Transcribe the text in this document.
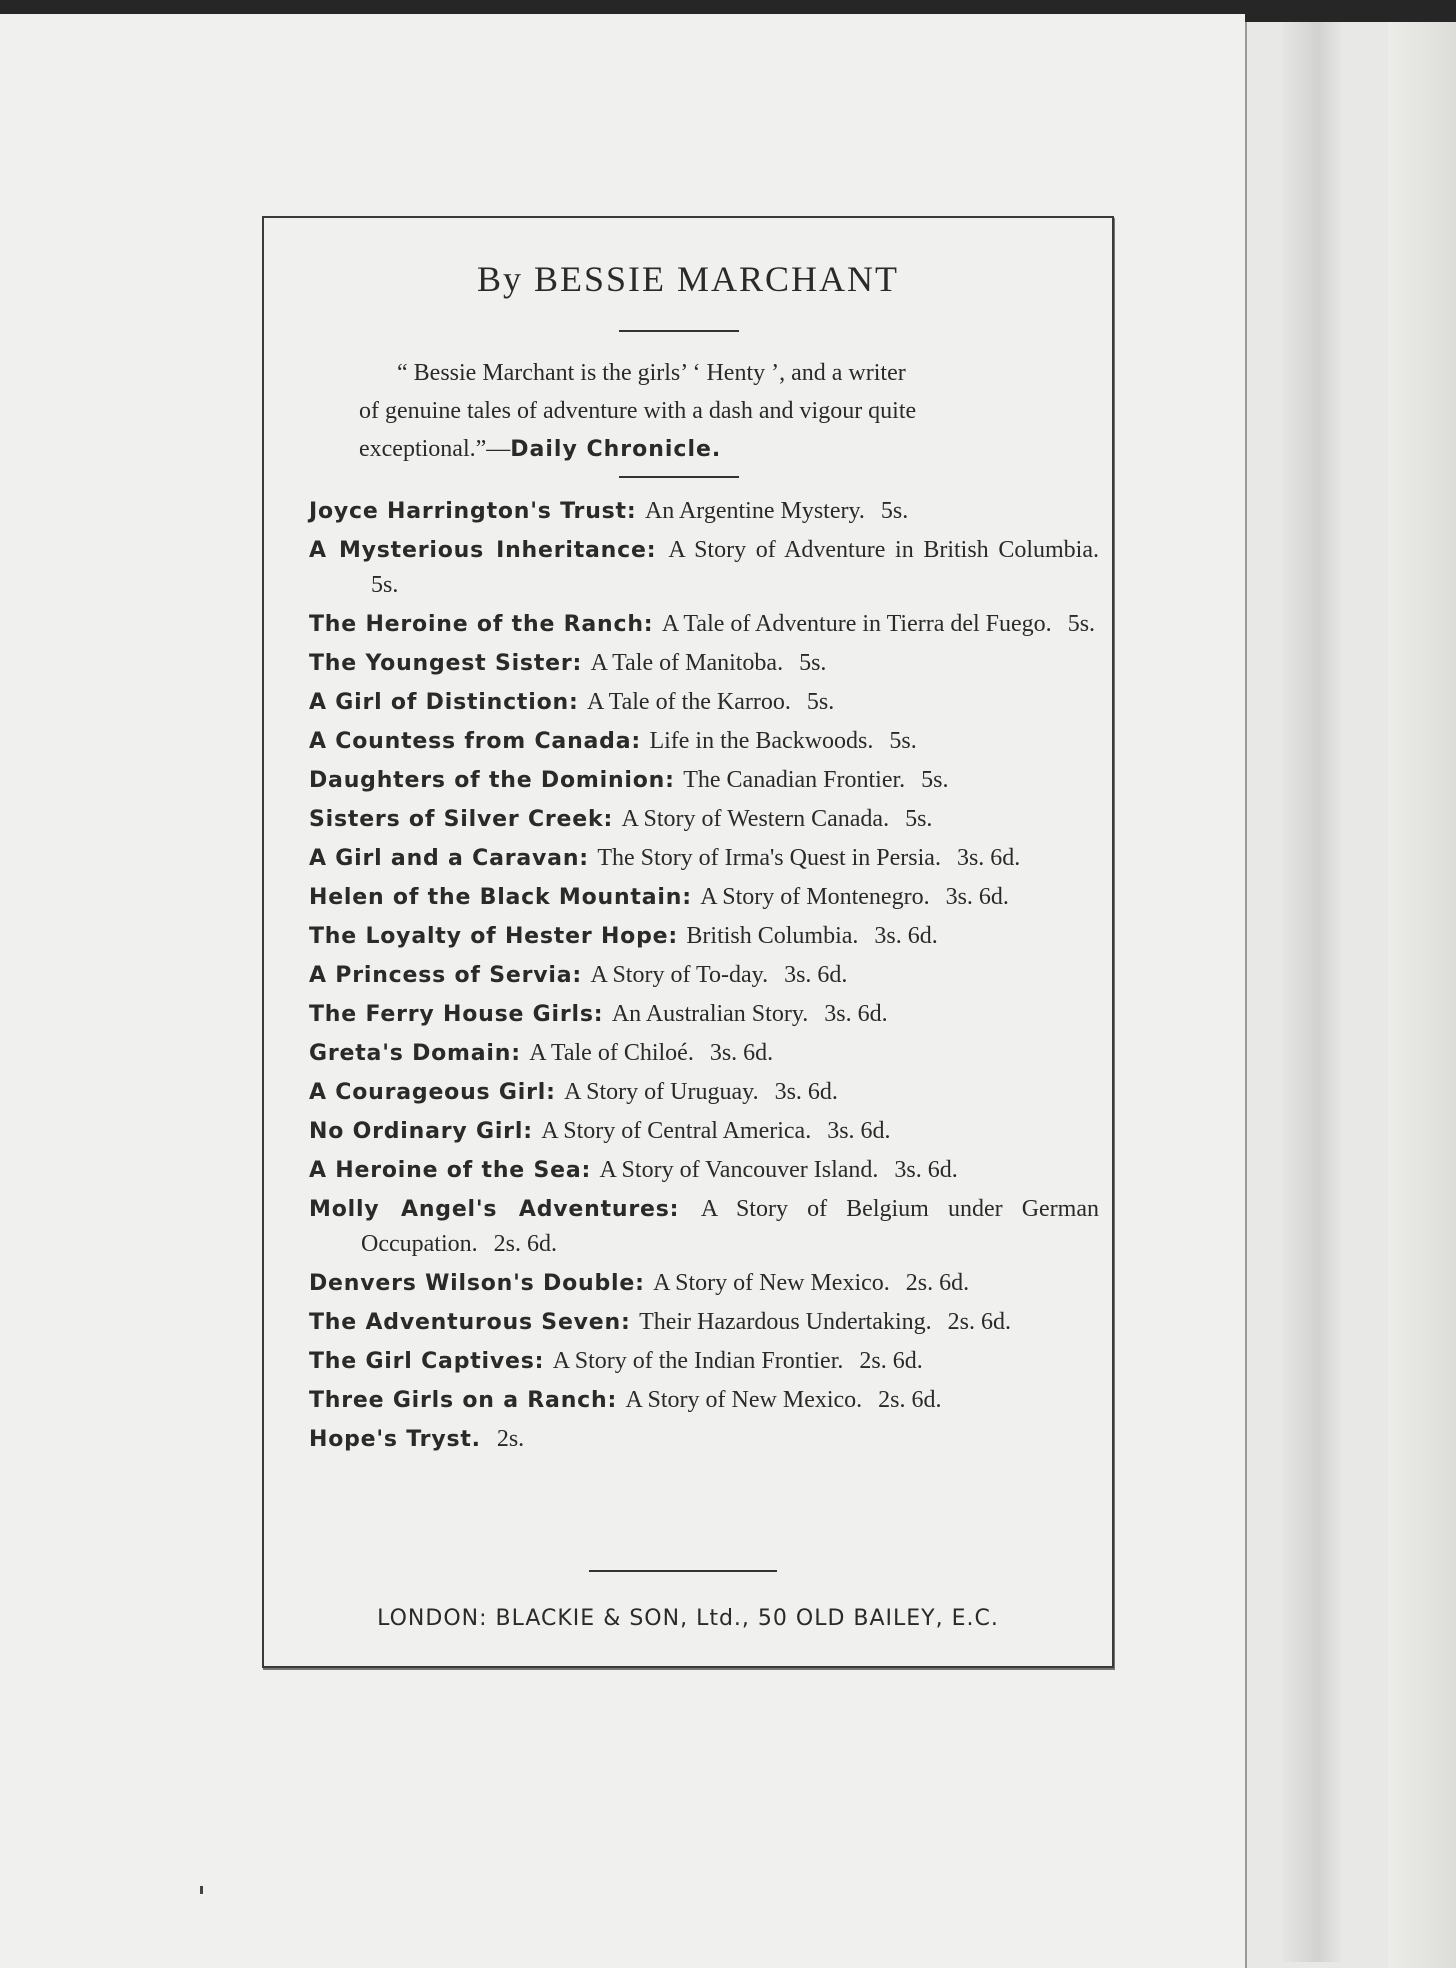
By BESSIE MARCHANT
“ Bessie Marchant is the girls’ ‘ Henty ’, and a writer of genuine tales of adventure with a dash and vigour quite exceptional.”—Daily Chronicle.
Joyce Harrington's Trust: An Argentine Mystery. 5s.
A Mysterious Inheritance: A Story of Adventure in British Columbia. 5s.
The Heroine of the Ranch: A Tale of Adventure in Tierra del Fuego. 5s.
The Youngest Sister: A Tale of Manitoba. 5s.
A Girl of Distinction: A Tale of the Karroo. 5s.
A Countess from Canada: Life in the Backwoods. 5s.
Daughters of the Dominion: The Canadian Frontier. 5s.
Sisters of Silver Creek: A Story of Western Canada. 5s.
A Girl and a Caravan: The Story of Irma's Quest in Persia. 3s. 6d.
Helen of the Black Mountain: A Story of Montenegro. 3s. 6d.
The Loyalty of Hester Hope: British Columbia. 3s. 6d.
A Princess of Servia: A Story of To-day. 3s. 6d.
The Ferry House Girls: An Australian Story. 3s. 6d.
Greta's Domain: A Tale of Chiloé. 3s. 6d.
A Courageous Girl: A Story of Uruguay. 3s. 6d.
No Ordinary Girl: A Story of Central America. 3s. 6d.
A Heroine of the Sea: A Story of Vancouver Island. 3s. 6d.
Molly Angel's Adventures: A Story of Belgium under German Occupation. 2s. 6d.
Denvers Wilson's Double: A Story of New Mexico. 2s. 6d.
The Adventurous Seven: Their Hazardous Undertaking. 2s. 6d.
The Girl Captives: A Story of the Indian Frontier. 2s. 6d.
Three Girls on a Ranch: A Story of New Mexico. 2s. 6d.
Hope's Tryst. 2s.
LONDON: BLACKIE & SON, Ltd., 50 OLD BAILEY, E.C.
